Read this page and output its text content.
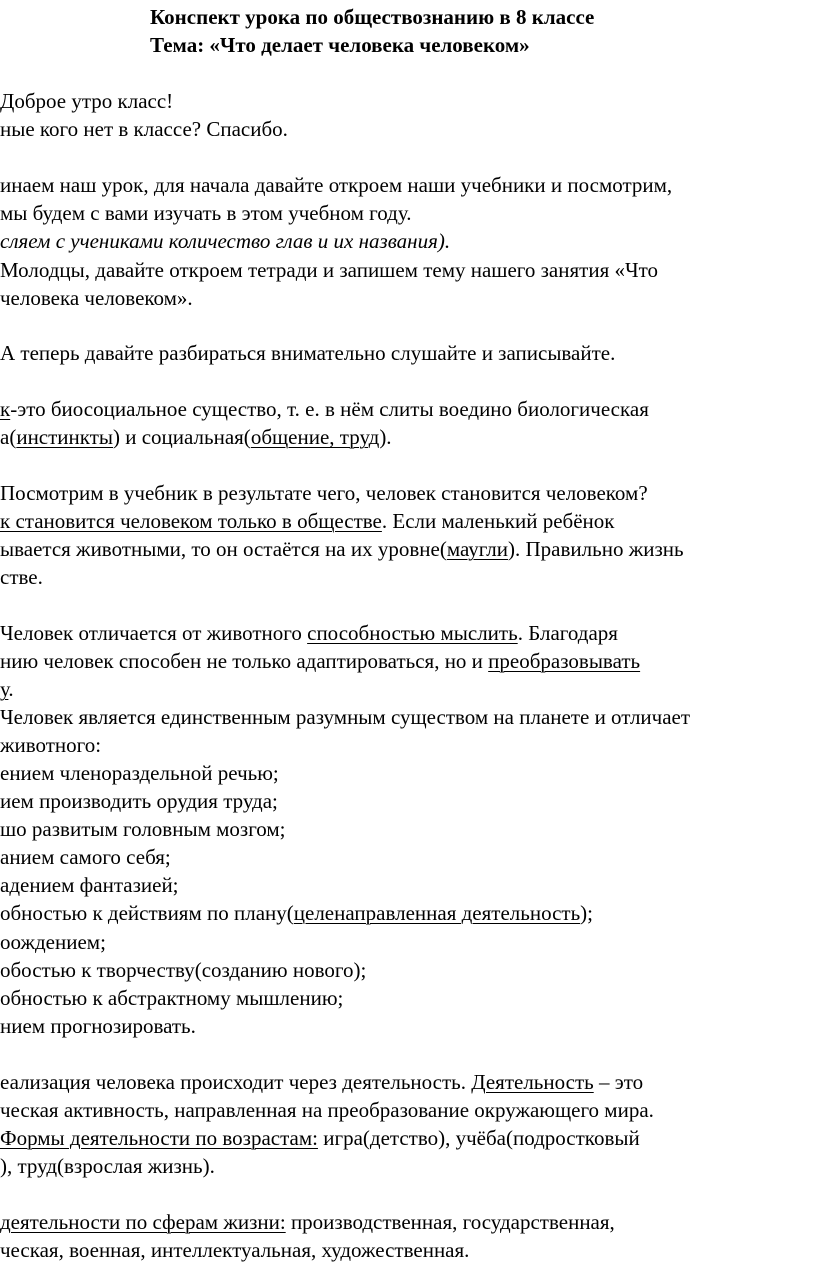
Конспект урока по обществознанию в 8 классе
Тема: «Что делает человека человеком»
Доброе утро класс!
ные кого нет в классе? Спасибо.
инаем наш урок, для начала давайте откроем наши учебники и посмотрим,
мы будем с вами изучать в этом учебном году.
сляем с учениками количество глав и их названия).
Молодцы, давайте откроем тетради и запишем тему нашего занятия «Что
человека человеком».
А теперь давайте разбираться внимательно слушайте и записывайте.
к-это биосоциальное существо, т. е. в нём слиты воедино биологическая
а(инстинкты) и социальная(общение, труд).
Посмотрим в учебник в результате чего, человек становится человеком?
к становится человеком только в обществе. Если маленький ребёнок
ывается животными, то он остаётся на их уровне(маугли). Правильно жизнь
стве.
Человек отличается от животного способностью мыслить. Благодаря
нию человек способен не только адаптироваться, но и преобразовывать
у.
Человек является единственным разумным существом на планете и отличает
животного:
ением членораздельной речью;
ием производить орудия труда;
шо развитым головным мозгом;
анием самого себя;
адением фантазией;
обностью к действиям по плану(целенаправленная деятельность);
оождением;
обостью к творчеству(созданию нового);
обностью к абстрактному мышлению;
нием прогнозировать.
еализация человека происходит через деятельность. Деятельность – это
ческая активность, направленная на преобразование окружающего мира.
Формы деятельности по возрастам: игра(детство), учёба(подростковый
), труд(взрослая жизнь).
деятельности по сферам жизни: производственная, государственная,
ческая, военная, интеллектуальная, художественная.
